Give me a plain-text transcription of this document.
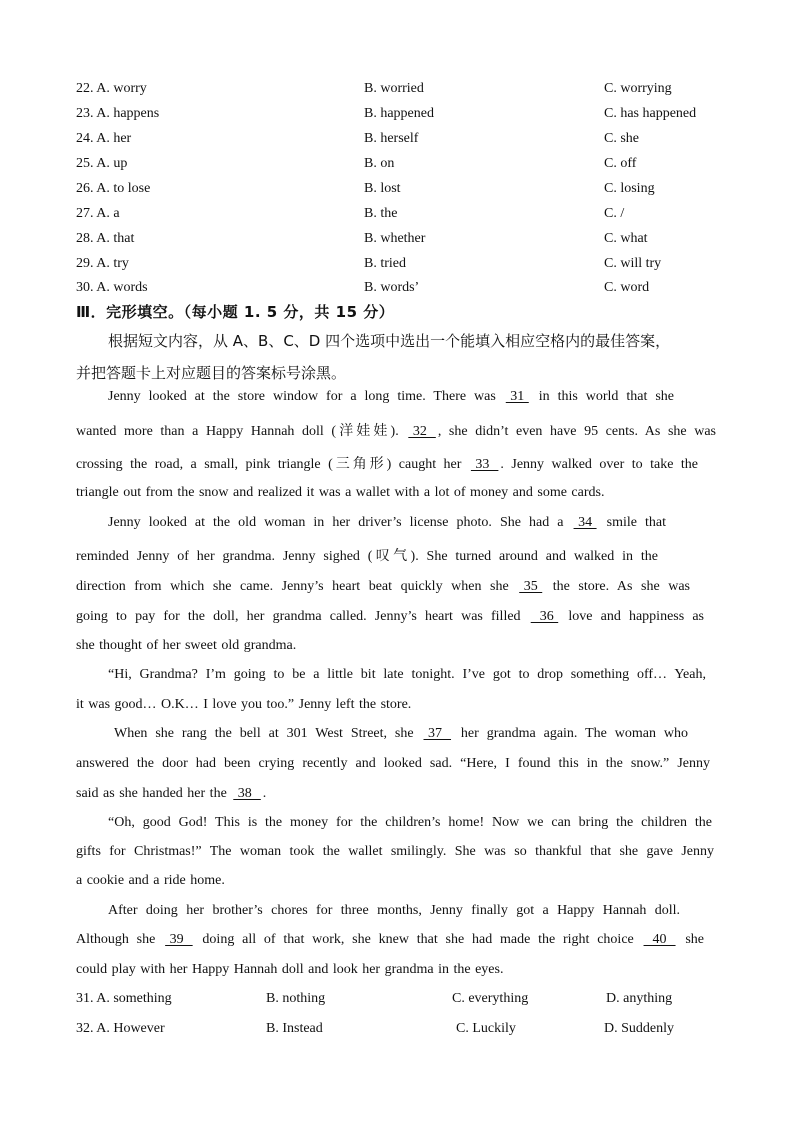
22. A. worry	B. worried	C. worrying
23. A. happens	B. happened	C. has happened
24. A. her	B. herself	C. she
25. A. up	B. on	C. off
26. A. to lose	B. lost	C. losing
27. A. a	B. the	C. /
28. A. that	B. whether	C. what
29. A. try	B. tried	C. will try
30. A. words	B. words’	C. word
Ⅲ．完形填空。（每小题 1. 5 分，共 15 分）
根据短文内容，从 A、B、C、D 四个选项中选出一个能填入相应空格内的最佳答案，
并把答题卡上对应题目的答案标号涂黑。
Jenny looked at the store window for a long time. There was  31  in this world that she
wanted more than a Happy Hannah doll (洋娃娃).  32  , she didn’t even have 95 cents. As she was
crossing the road, a small, pink triangle (三角形) caught her  33  . Jenny walked over to take the
triangle out from the snow and realized it was a wallet with a lot of money and some cards.
Jenny looked at the old woman in her driver’s license photo. She had a  34  smile that
reminded Jenny of her grandma. Jenny sighed (叹气). She turned around and walked in the
direction from which she came. Jenny’s heart beat quickly when she  35  the store. As she was
going to pay for the doll, her grandma called. Jenny’s heart was filled   36  love and happiness as
she thought of her sweet old grandma.
“Hi, Grandma? I’m going to be a little bit late tonight. I’ve got to drop something off… Yeah,
it was good… O.K… I love you too.” Jenny left the store.
When she rang the bell at 301 West Street, she  37   her grandma again. The woman who
answered the door had been crying recently and looked sad. “Here, I found this in the snow.” Jenny
said as she handed her the  38  .
“Oh, good God! This is the money for the children’s home! Now we can bring the children the
gifts for Christmas!” The woman took the wallet smilingly. She was so thankful that she gave Jenny
a cookie and a ride home.
After doing her brother’s chores for three months, Jenny finally got a Happy Hannah doll.
Although she  39   doing all of that work, she knew that she had made the right choice   40   she
could play with her Happy Hannah doll and look her grandma in the eyes.
31. A. something	B. nothing	C. everything	D. anything
32. A. However	B. Instead	C. Luckily	D. Suddenly
